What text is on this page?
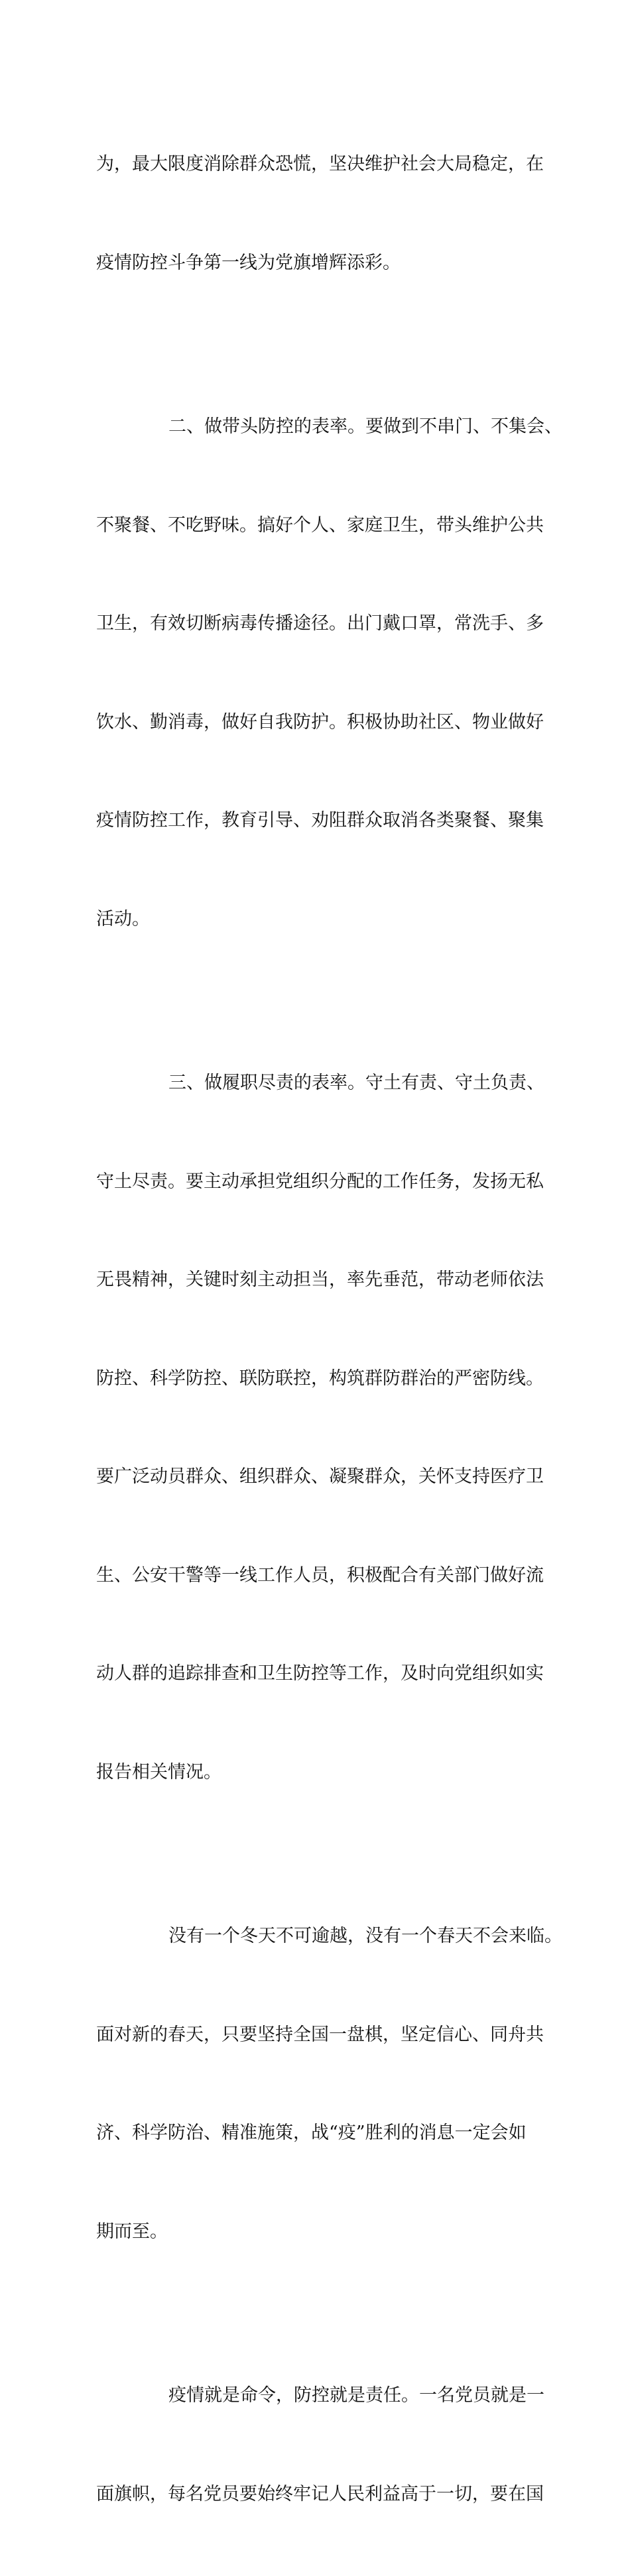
为，最大限度消除群众恐慌，坚决维护社会大局稳定，在

疫情防控斗争第一线为党旗增辉添彩。

二、做带头防控的表率。要做到不串门、不集会、

不聚餐、不吃野味。搞好个人、家庭卫生，带头维护公共

卫生，有效切断病毒传播途径。出门戴口罩，常洗手、多

饮水、勤消毒，做好自我防护。积极协助社区、物业做好

疫情防控工作，教育引导、劝阻群众取消各类聚餐、聚集

活动。

三、做履职尽责的表率。守土有责、守土负责、

守土尽责。要主动承担党组织分配的工作任务，发扬无私

无畏精神，关键时刻主动担当，率先垂范，带动老师依法

防控、科学防控、联防联控，构筑群防群治的严密防线。

要广泛动员群众、组织群众、凝聚群众，关怀支持医疗卫

生、公安干警等一线工作人员，积极配合有关部门做好流

动人群的追踪排查和卫生防控等工作，及时向党组织如实

报告相关情况。

没有一个冬天不可逾越，没有一个春天不会来临。

面对新的春天，只要坚持全国一盘棋，坚定信心、同舟共

济、科学防治、精准施策，战“疫”胜利的消息一定会如

期而至。

疫情就是命令，防控就是责任。一名党员就是一

面旗帜，每名党员要始终牢记人民利益高于一切，要在国
